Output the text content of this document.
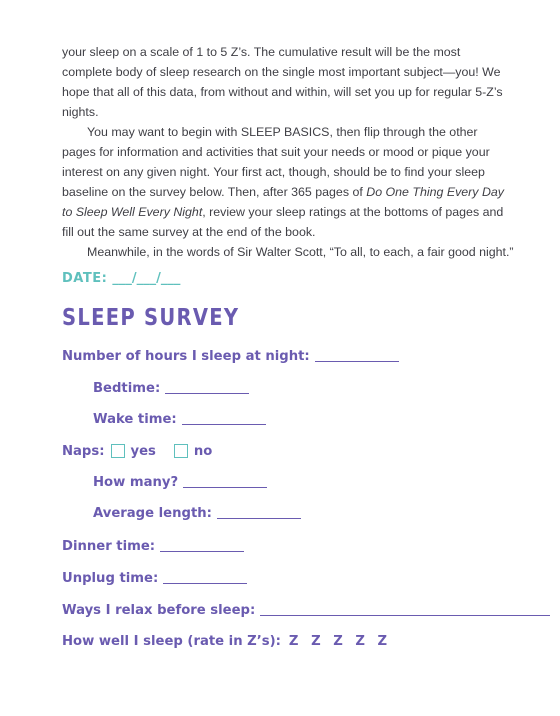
your sleep on a scale of 1 to 5 Z’s. The cumulative result will be the most complete body of sleep research on the single most important subject—you! We hope that all of this data, from without and within, will set you up for regular 5-Z’s nights.

You may want to begin with SLEEP BASICS, then flip through the other pages for information and activities that suit your needs or mood or pique your interest on any given night. Your first act, though, should be to find your sleep baseline on the survey below. Then, after 365 pages of Do One Thing Every Day to Sleep Well Every Night, review your sleep ratings at the bottoms of pages and fill out the same survey at the end of the book.

Meanwhile, in the words of Sir Walter Scott, “To all, to each, a fair good night.”

DATE: ___/___/___
SLEEP SURVEY
Number of hours I sleep at night:
Bedtime:
Wake time:
Naps: yes	no
How many?
Average length:
Dinner time:
Unplug time:
Ways I relax before sleep:
How well I sleep (rate in Z’s): Z Z Z Z Z
